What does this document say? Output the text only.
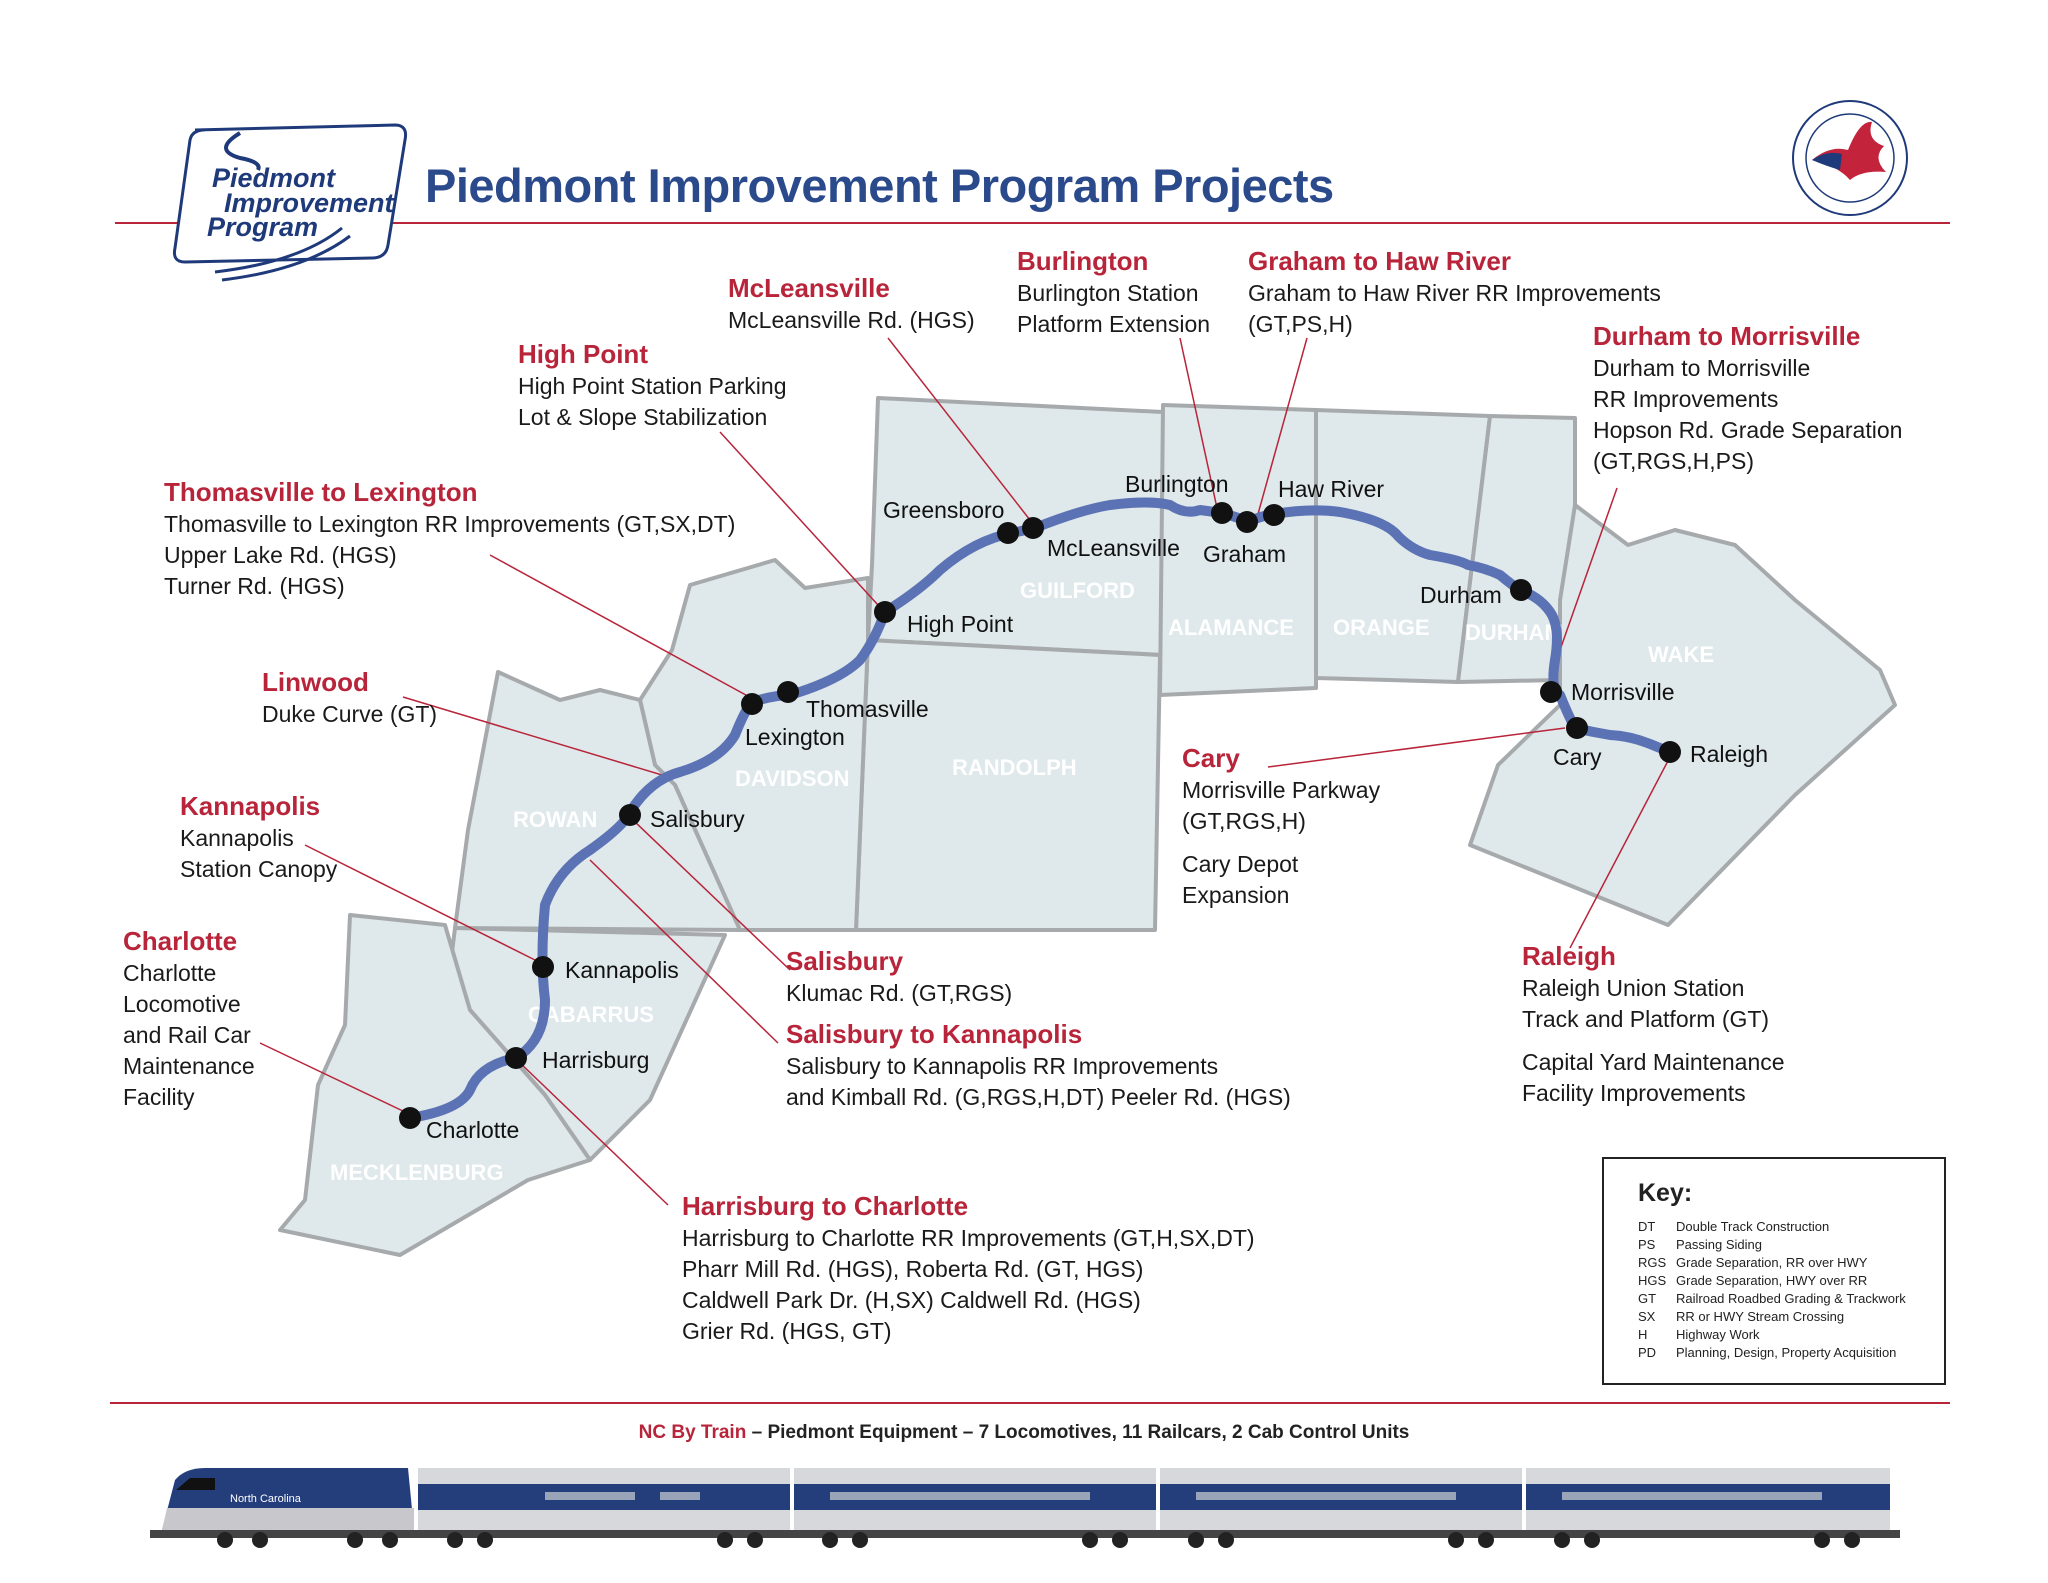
GUILFORD
ALAMANCE ORANGE DURHAM
WAKE
RANDOLPH
DAVIDSON
ROWAN
CABARRUS
MECKLENBURG
Charlotte
Harrisburg
Kannapolis
Salisbury
Lexington
Thomasville
High Point
Greensboro
McLeansville
Burlington
Graham
Haw River
Durham
Morrisville
Cary	Raleigh
North Carolina
Piedmont
Improvement
Program
Piedmont Improvement Program Projects
McLeansville
McLeansville Rd. (HGS)
Burlington
Burlington Station
Platform Extension
Graham to Haw River
Graham to Haw River RR Improvements
(GT,PS,H)
High Point
High Point Station Parking
Lot & Slope Stabilization
Durham to Morrisville
Durham to Morrisville
RR Improvements
Hopson Rd. Grade Separation
(GT,RGS,H,PS)
Thomasville to Lexington
Thomasville to Lexington RR Improvements (GT,SX,DT)
Upper Lake Rd. (HGS)
Turner Rd. (HGS)
Linwood
Duke Curve (GT)
Kannapolis
Kannapolis
Station Canopy
Charlotte
Charlotte
Locomotive
and Rail Car
Maintenance
Facility
Cary
Morrisville Parkway
(GT,RGS,H)
Cary Depot
Expansion
Salisbury
Klumac Rd. (GT,RGS)
Salisbury to Kannapolis
Salisbury to Kannapolis RR Improvements
and Kimball Rd. (G,RGS,H,DT) Peeler Rd. (HGS)
Raleigh
Raleigh Union Station
Track and Platform (GT)
Capital Yard Maintenance
Facility Improvements
Harrisburg to Charlotte
Harrisburg to Charlotte RR Improvements (GT,H,SX,DT)
Pharr Mill Rd. (HGS), Roberta Rd. (GT, HGS)
Caldwell Park Dr. (H,SX) Caldwell Rd. (HGS)
Grier Rd. (HGS, GT)
Key:
DT Double Track Construction
PS Passing Siding
RGS Grade Separation, RR over HWY
HGS Grade Separation, HWY over RR
GT Railroad Roadbed Grading & Trackwork
SX RR or HWY Stream Crossing
H Highway Work
PD Planning, Design, Property Acquisition
NC By Train – Piedmont Equipment – 7 Locomotives, 11 Railcars, 2 Cab Control Units
